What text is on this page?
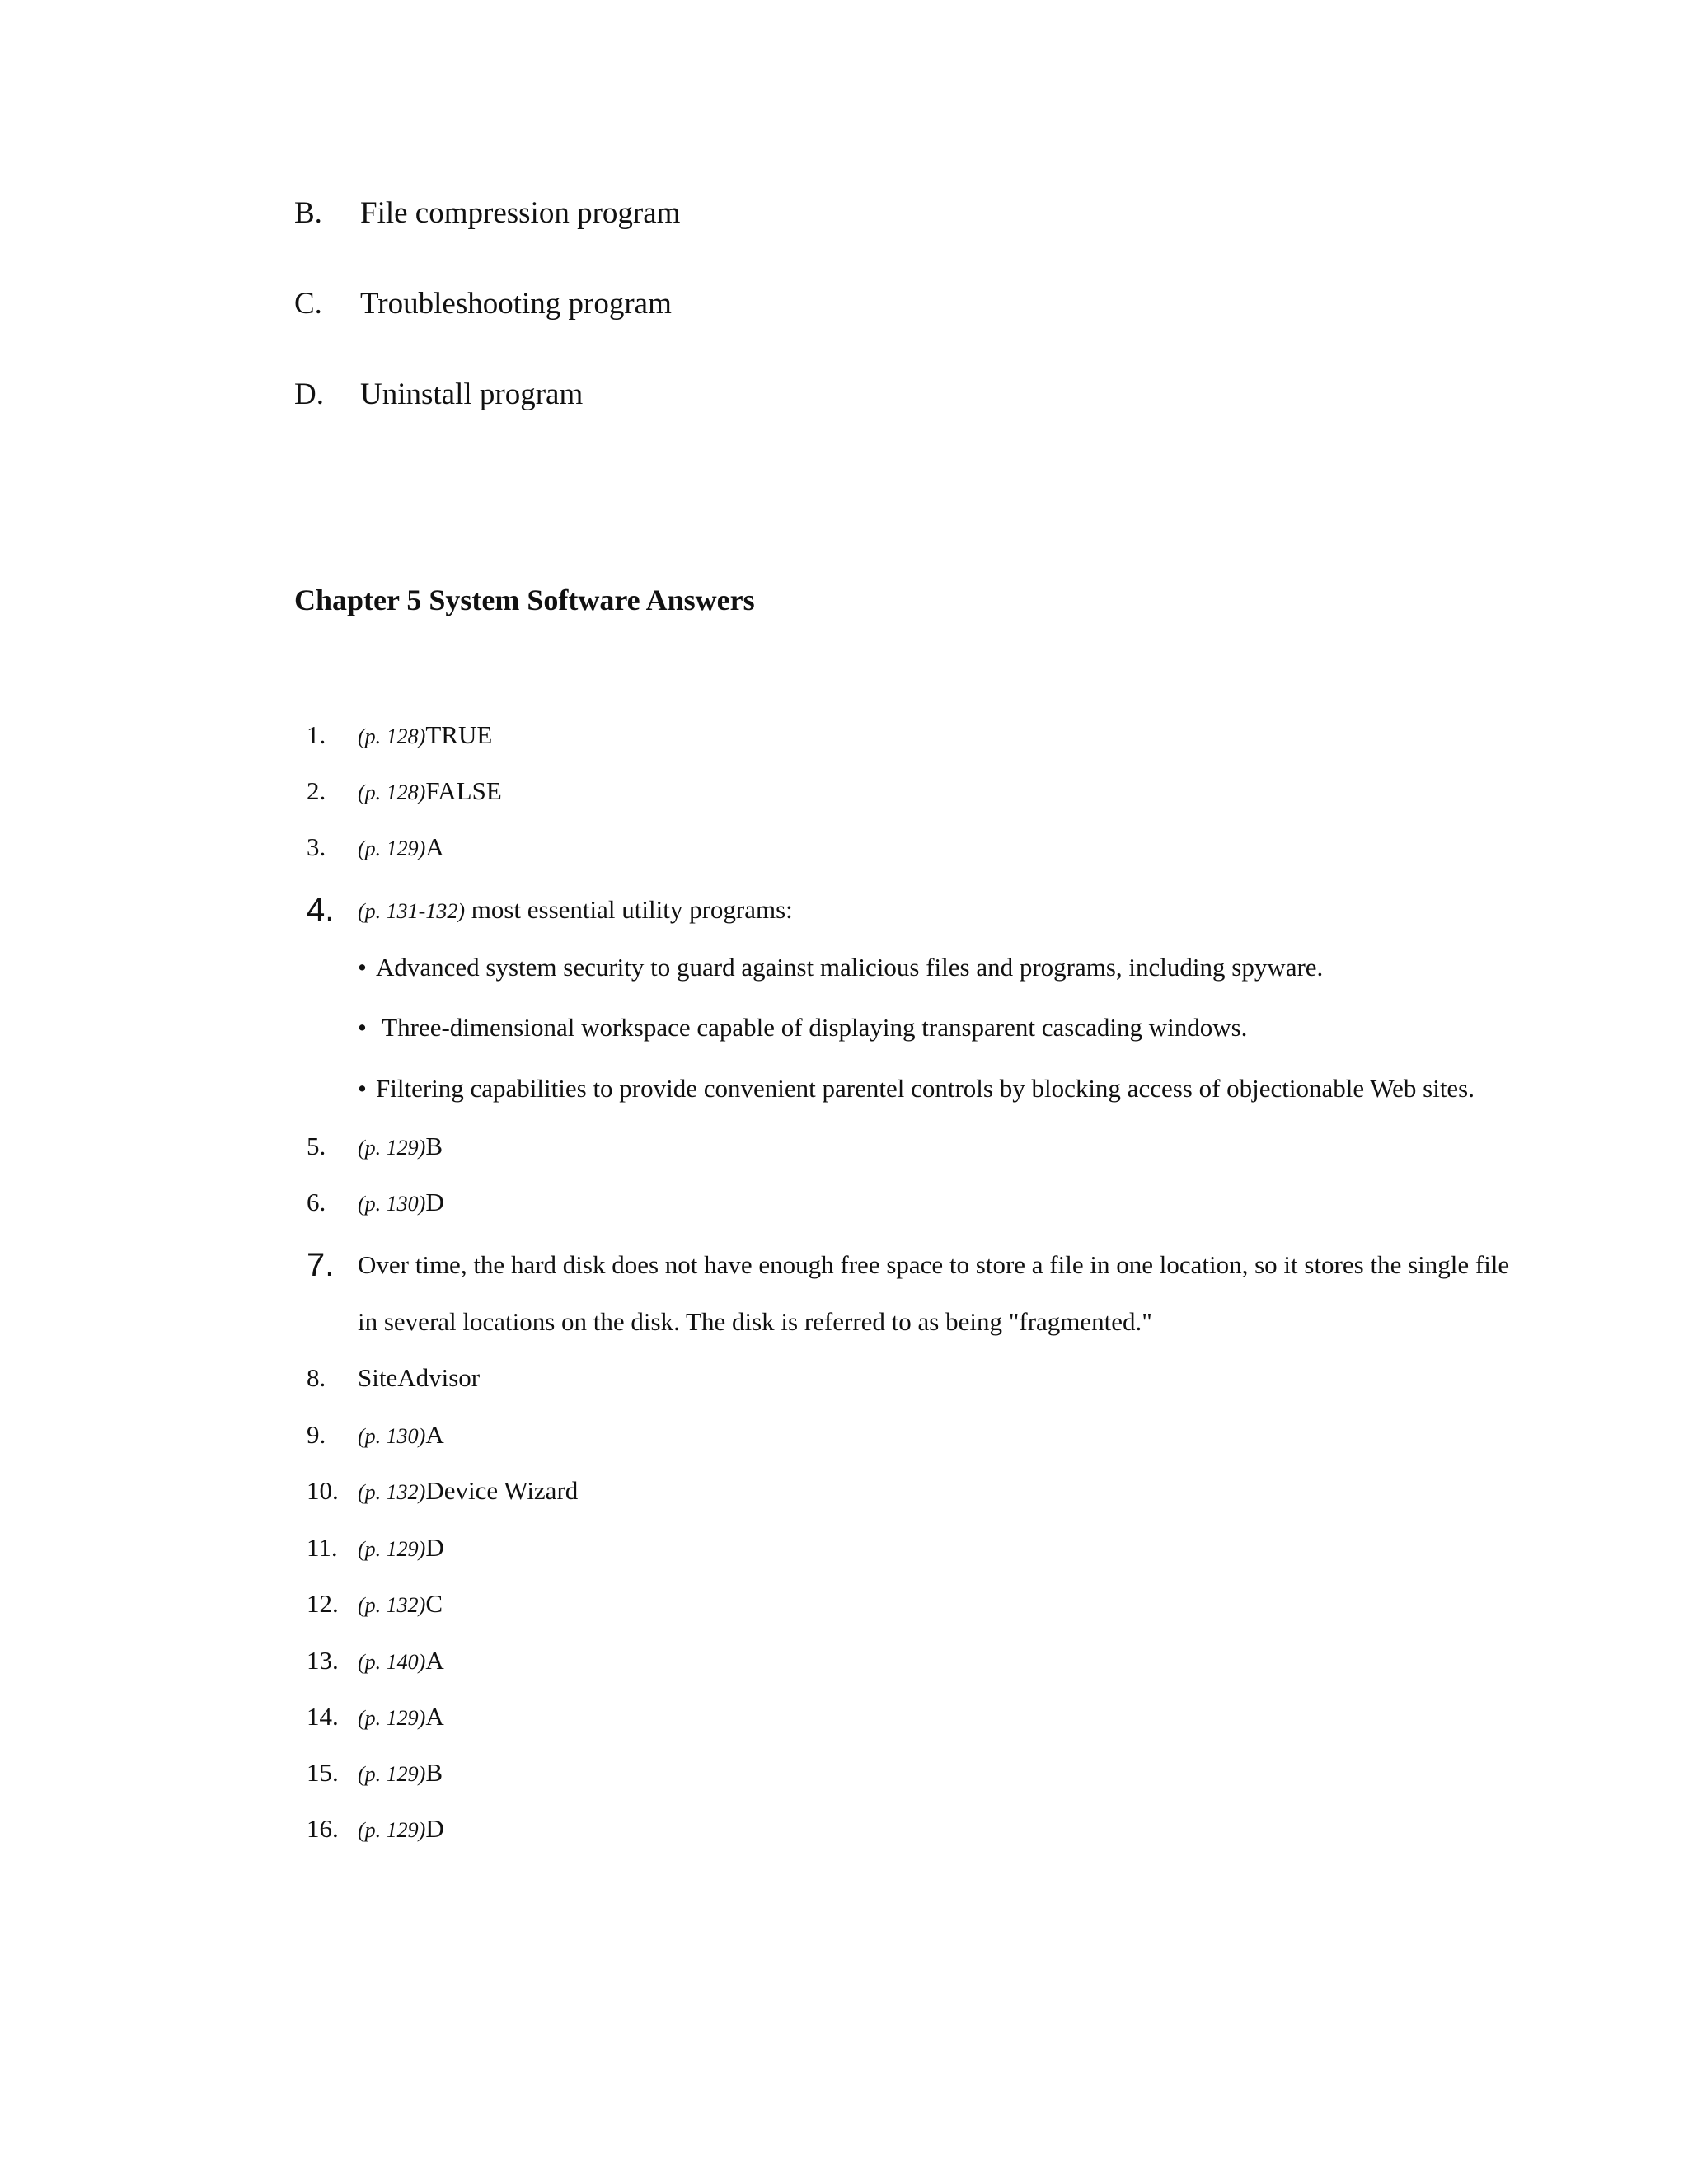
B. File compression program
C. Troubleshooting program
D. Uninstall program
Chapter 5 System Software Answers
1. (p. 128)TRUE
2. (p. 128)FALSE
3. (p. 129)A
4. (p. 131-132) most essential utility programs:
• Advanced system security to guard against malicious files and programs, including spyware.
• Three-dimensional workspace capable of displaying transparent cascading windows.
• Filtering capabilities to provide convenient parentel controls by blocking access of objectionable Web sites.
5. (p. 129)B
6. (p. 130)D
7. Over time, the hard disk does not have enough free space to store a file in one location, so it stores the single file
in several locations on the disk. The disk is referred to as being "fragmented."
8. SiteAdvisor
9. (p. 130)A
10. (p. 132)Device Wizard
11. (p. 129)D
12. (p. 132)C
13. (p. 140)A
14. (p. 129)A
15. (p. 129)B
16. (p. 129)D
